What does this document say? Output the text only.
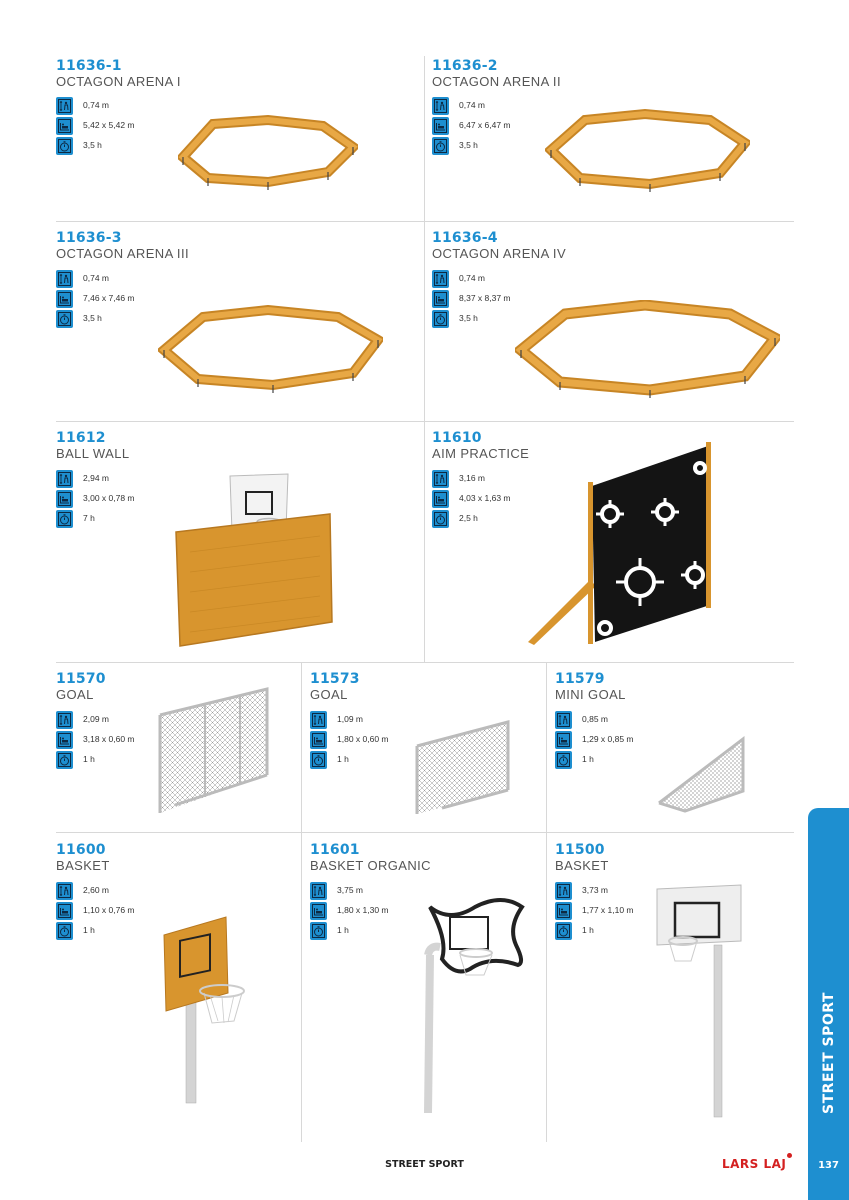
11636-1
OCTAGON ARENA I
0,74 m
5,42 x 5,42 m
3,5 h
11636-2
OCTAGON ARENA II
0,74 m
6,47 x 6,47 m
3,5 h
11636-3
OCTAGON ARENA III
0,74 m
7,46 x 7,46 m
3,5 h
11636-4
OCTAGON ARENA IV
0,74 m
8,37 x 8,37 m
3,5 h
11612
BALL WALL
2,94 m
3,00 x 0,78 m
7 h
11610
AIM PRACTICE
3,16 m
4,03 x 1,63 m
2,5 h
11570
GOAL
2,09 m
3,18 x 0,60 m
1 h
11573
GOAL
1,09 m
1,80 x 0,60 m
1 h
11579
MINI GOAL
0,85 m
1,29 x 0,85 m
1 h
11600
BASKET
2,60 m
1,10 x 0,76 m
1 h
11601
BASKET ORGANIC
3,75 m
1,80 x 1,30 m
1 h
11500
BASKET
3,73 m
1,77 x 1,10 m
1 h
STREET SPORT
137
STREET SPORT	LARS LAJ
